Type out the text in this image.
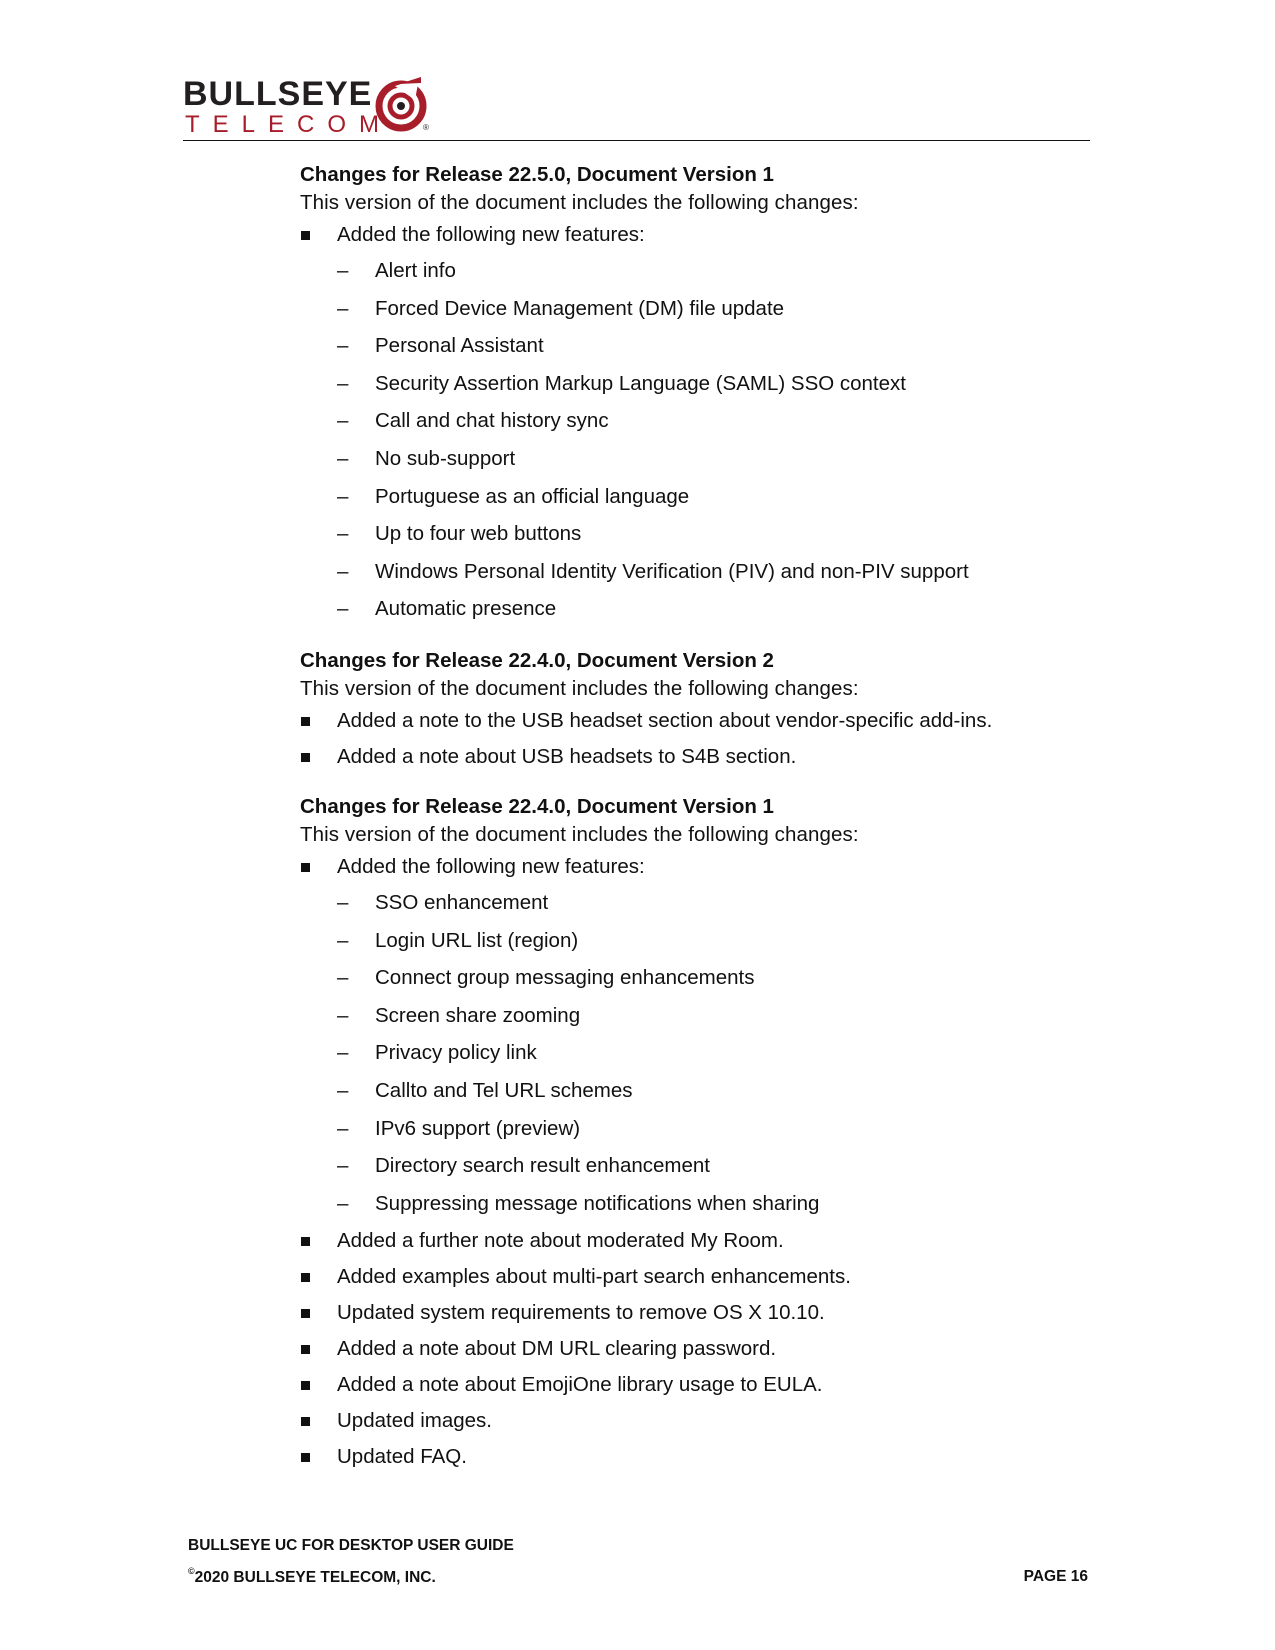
BULLSEYE
TELECOM	®
Changes for Release 22.5.0, Document Version 1
This version of the document includes the following changes:
Added the following new features:
– Alert info
– Forced Device Management (DM) file update
– Personal Assistant
– Security Assertion Markup Language (SAML) SSO context
– Call and chat history sync
– No sub-support
– Portuguese as an official language
– Up to four web buttons
– Windows Personal Identity Verification (PIV) and non-PIV support
– Automatic presence
Changes for Release 22.4.0, Document Version 2
This version of the document includes the following changes:
Added a note to the USB headset section about vendor-specific add-ins.
Added a note about USB headsets to S4B section.
Changes for Release 22.4.0, Document Version 1
This version of the document includes the following changes:
Added the following new features:
– SSO enhancement
– Login URL list (region)
– Connect group messaging enhancements
– Screen share zooming
– Privacy policy link
– Callto and Tel URL schemes
– IPv6 support (preview)
– Directory search result enhancement
– Suppressing message notifications when sharing
Added a further note about moderated My Room.
Added examples about multi-part search enhancements.
Updated system requirements to remove OS X 10.10.
Added a note about DM URL clearing password.
Added a note about EmojiOne library usage to EULA.
Updated images.
Updated FAQ.
BULLSEYE UC FOR DESKTOP USER GUIDE
©2020 BULLSEYE TELECOM, INC.	PAGE 16
